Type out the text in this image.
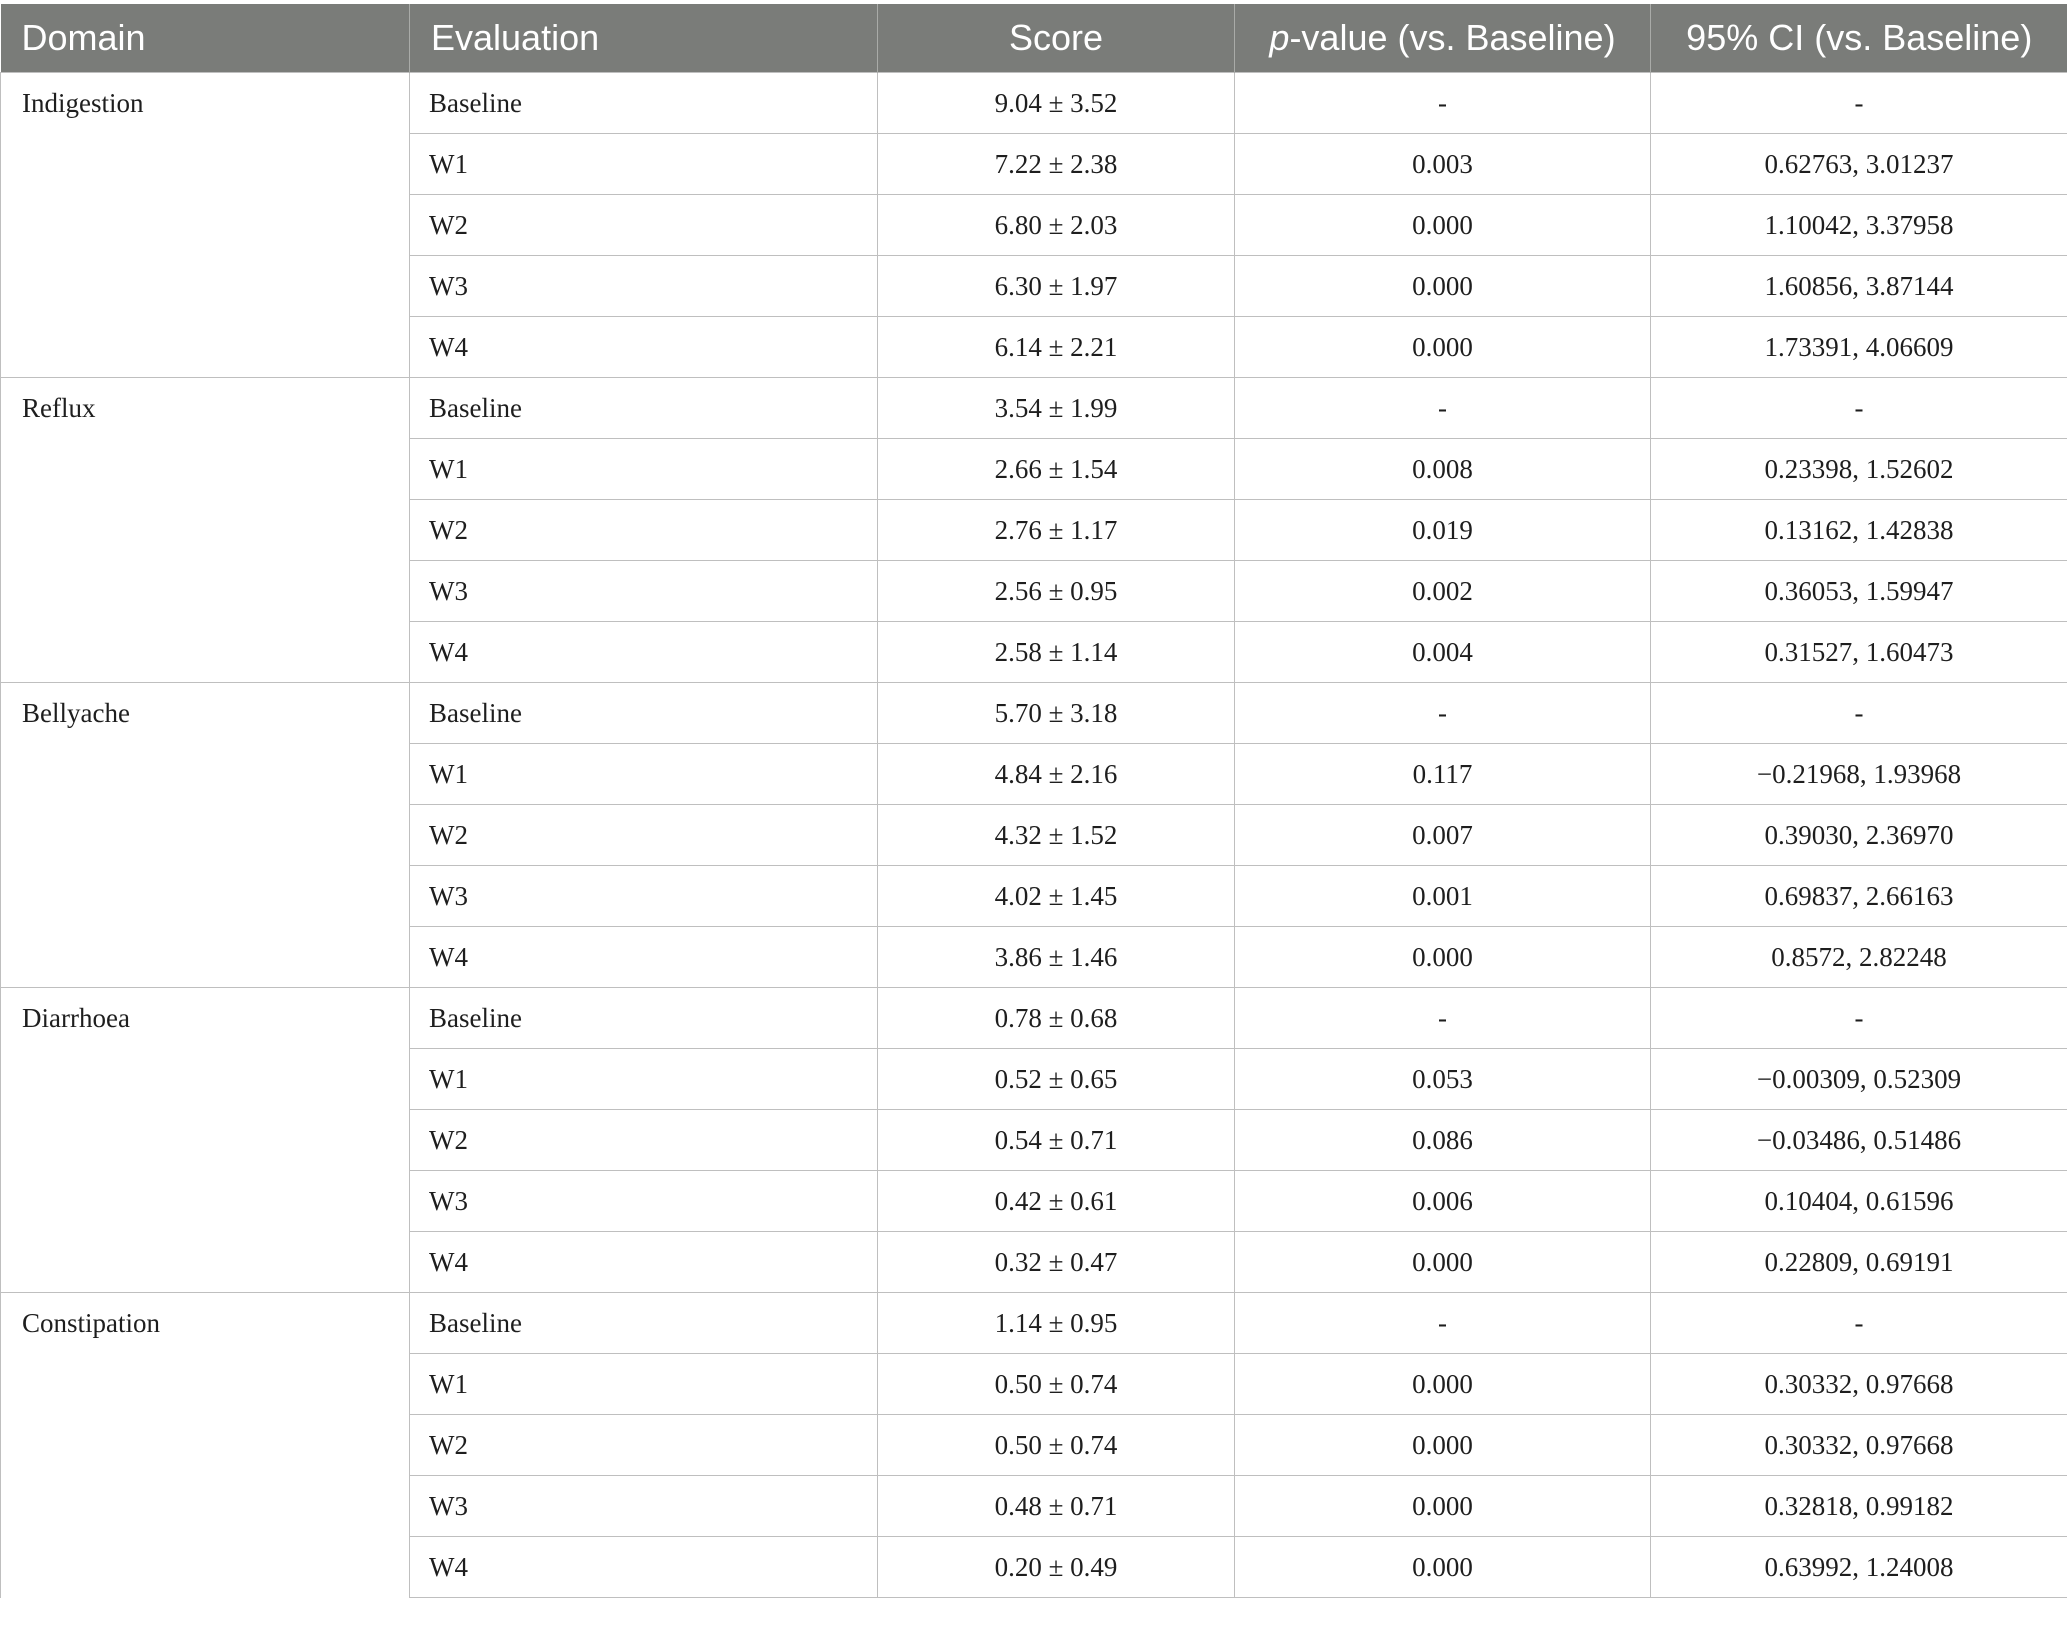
Domain	Evaluation	Score	p-value (vs. Baseline)	95% CI (vs. Baseline)
Indigestion	Baseline	9.04 ± 3.52	-	-
	W1	7.22 ± 2.38	0.003	0.62763, 3.01237
	W2	6.80 ± 2.03	0.000	1.10042, 3.37958
	W3	6.30 ± 1.97	0.000	1.60856, 3.87144
	W4	6.14 ± 2.21	0.000	1.73391, 4.06609
Reflux	Baseline	3.54 ± 1.99	-	-
	W1	2.66 ± 1.54	0.008	0.23398, 1.52602
	W2	2.76 ± 1.17	0.019	0.13162, 1.42838
	W3	2.56 ± 0.95	0.002	0.36053, 1.59947
	W4	2.58 ± 1.14	0.004	0.31527, 1.60473
Bellyache	Baseline	5.70 ± 3.18	-	-
	W1	4.84 ± 2.16	0.117	−0.21968, 1.93968
	W2	4.32 ± 1.52	0.007	0.39030, 2.36970
	W3	4.02 ± 1.45	0.001	0.69837, 2.66163
	W4	3.86 ± 1.46	0.000	0.8572, 2.82248
Diarrhoea	Baseline	0.78 ± 0.68	-	-
	W1	0.52 ± 0.65	0.053	−0.00309, 0.52309
	W2	0.54 ± 0.71	0.086	−0.03486, 0.51486
	W3	0.42 ± 0.61	0.006	0.10404, 0.61596
	W4	0.32 ± 0.47	0.000	0.22809, 0.69191
Constipation	Baseline	1.14 ± 0.95	-	-
	W1	0.50 ± 0.74	0.000	0.30332, 0.97668
	W2	0.50 ± 0.74	0.000	0.30332, 0.97668
	W3	0.48 ± 0.71	0.000	0.32818, 0.99182
	W4	0.20 ± 0.49	0.000	0.63992, 1.24008
